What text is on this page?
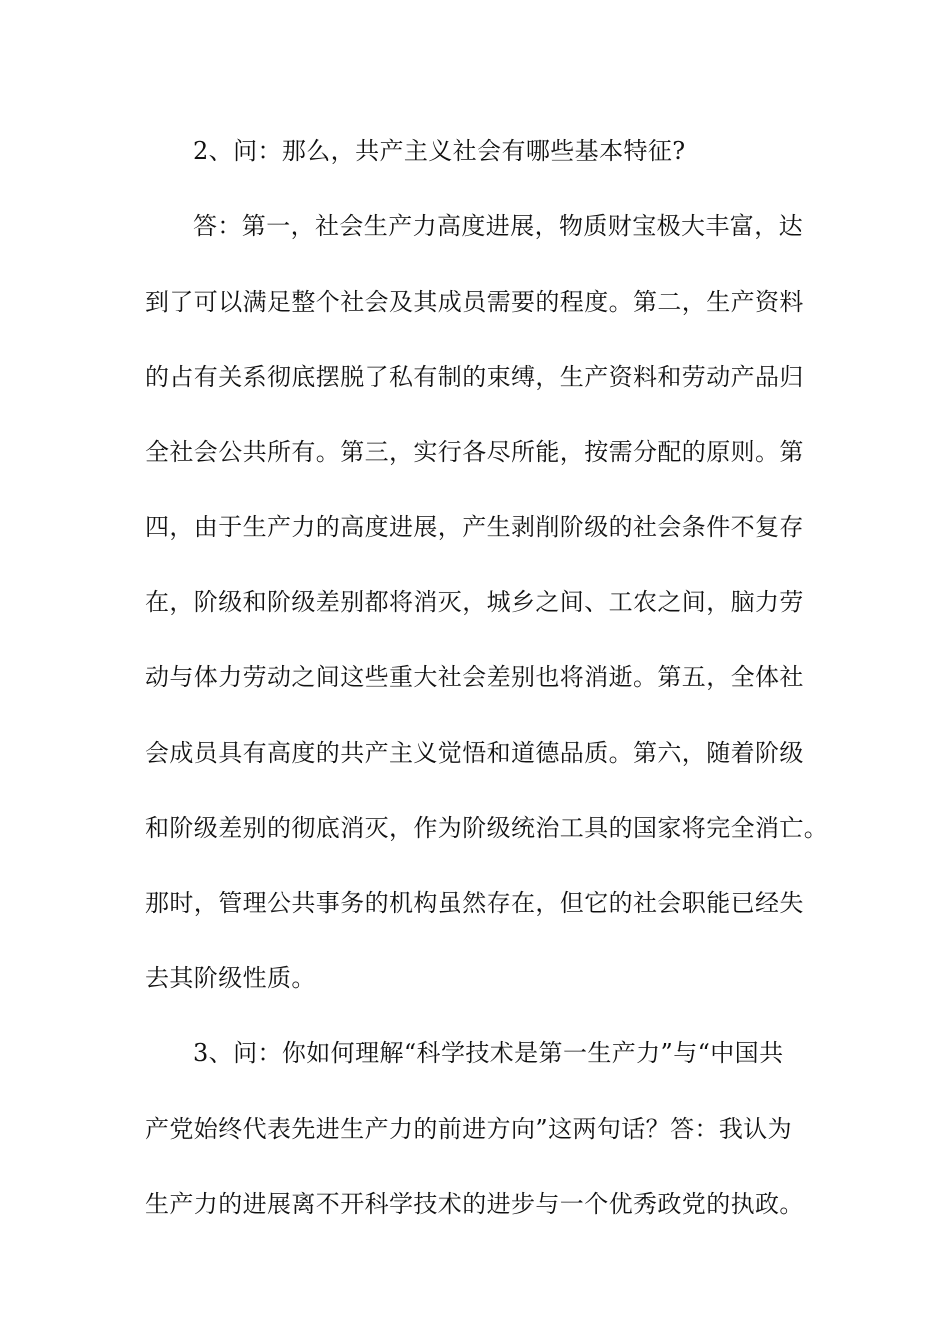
2、问：那么，共产主义社会有哪些基本特征?

答：第一，社会生产力高度进展，物质财宝极大丰富，达

到了可以满足整个社会及其成员需要的程度。第二，生产资料

的占有关系彻底摆脱了私有制的束缚，生产资料和劳动产品归

全社会公共所有。第三，实行各尽所能，按需分配的原则。第

四，由于生产力的高度进展，产生剥削阶级的社会条件不复存

在，阶级和阶级差别都将消灭，城乡之间、工农之间，脑力劳

动与体力劳动之间这些重大社会差别也将消逝。第五，全体社

会成员具有高度的共产主义觉悟和道德品质。第六，随着阶级

和阶级差别的彻底消灭，作为阶级统治工具的国家将完全消亡。

那时，管理公共事务的机构虽然存在，但它的社会职能已经失

去其阶级性质。

3、问：你如何理解“科学技术是第一生产力”与“中国共

产党始终代表先进生产力的前进方向”这两句话？答：我认为

生产力的进展离不开科学技术的进步与一个优秀政党的执政。
